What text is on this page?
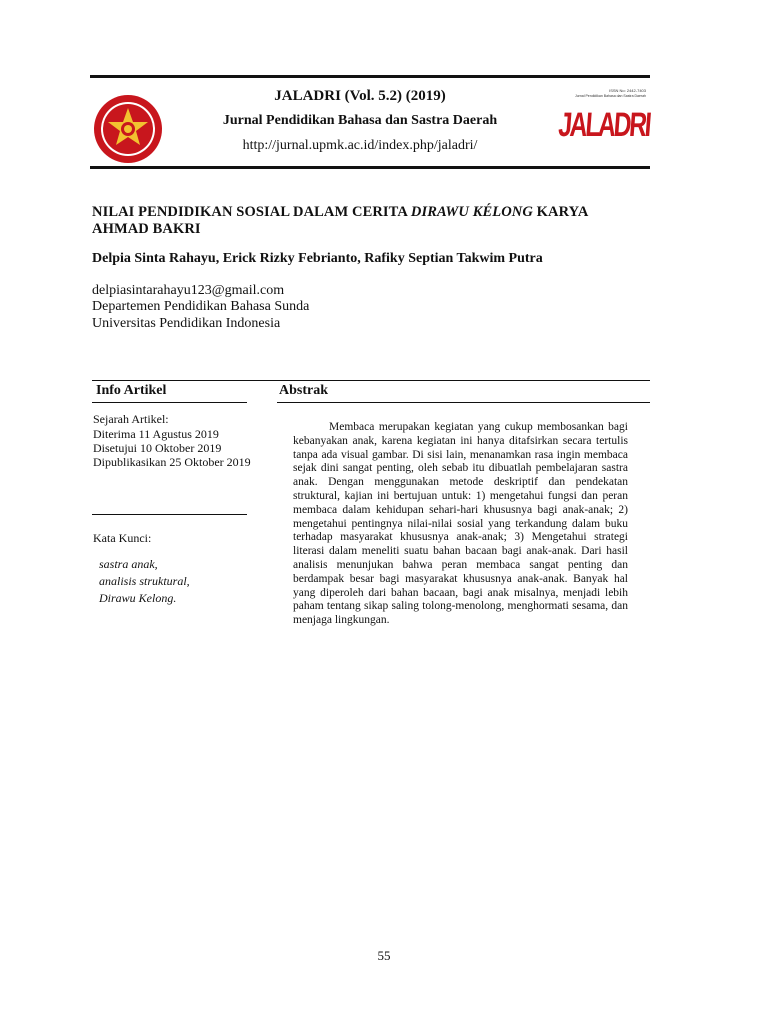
JALADRI (Vol. 5.2) (2019)
Jurnal Pendidikan Bahasa dan Sastra Daerah
http://jurnal.upmk.ac.id/index.php/jaladri/
ISSN No: 2442-7403
Jurnal Pendidikan Bahasa dan Sastra Daerah
JALADRI
NILAI PENDIDIKAN SOSIAL DALAM CERITA DIRAWU KÉLONG KARYA
AHMAD BAKRI
Delpia Sinta Rahayu, Erick Rizky Febrianto, Rafiky Septian Takwim Putra
delpiasintarahayu123@gmail.com
Departemen Pendidikan Bahasa Sunda
Universitas Pendidikan Indonesia
Info Artikel	Abstrak
Sejarah Artikel:
Diterima 11 Agustus 2019
Disetujui 10 Oktober 2019
Dipublikasikan 25 Oktober 2019
Kata Kunci:
sastra anak,
analisis struktural,
Dirawu Kelong.
Membaca merupakan kegiatan yang cukup membosankan bagi kebanyakan anak, karena kegiatan ini hanya ditafsirkan secara tertulis tanpa ada visual gambar. Di sisi lain, menanamkan rasa ingin membaca sejak dini sangat penting, oleh sebab itu dibuatlah pembelajaran sastra anak. Dengan menggunakan metode deskriptif dan pendekatan struktural, kajian ini bertujuan untuk: 1) mengetahui fungsi dan peran membaca dalam kehidupan sehari-hari khususnya bagi anak-anak; 2) mengetahui pentingnya nilai-nilai sosial yang terkandung dalam buku terhadap masyarakat khususnya anak-anak; 3) Mengetahui strategi literasi dalam meneliti suatu bahan bacaan bagi anak-anak. Dari hasil analisis menunjukan bahwa peran membaca sangat penting dan berdampak besar bagi masyarakat khususnya anak-anak. Banyak hal yang diperoleh dari bahan bacaan, bagi anak misalnya, menjadi lebih paham tentang sikap saling tolong-menolong, menghormati sesama, dan menjaga lingkungan.
55
